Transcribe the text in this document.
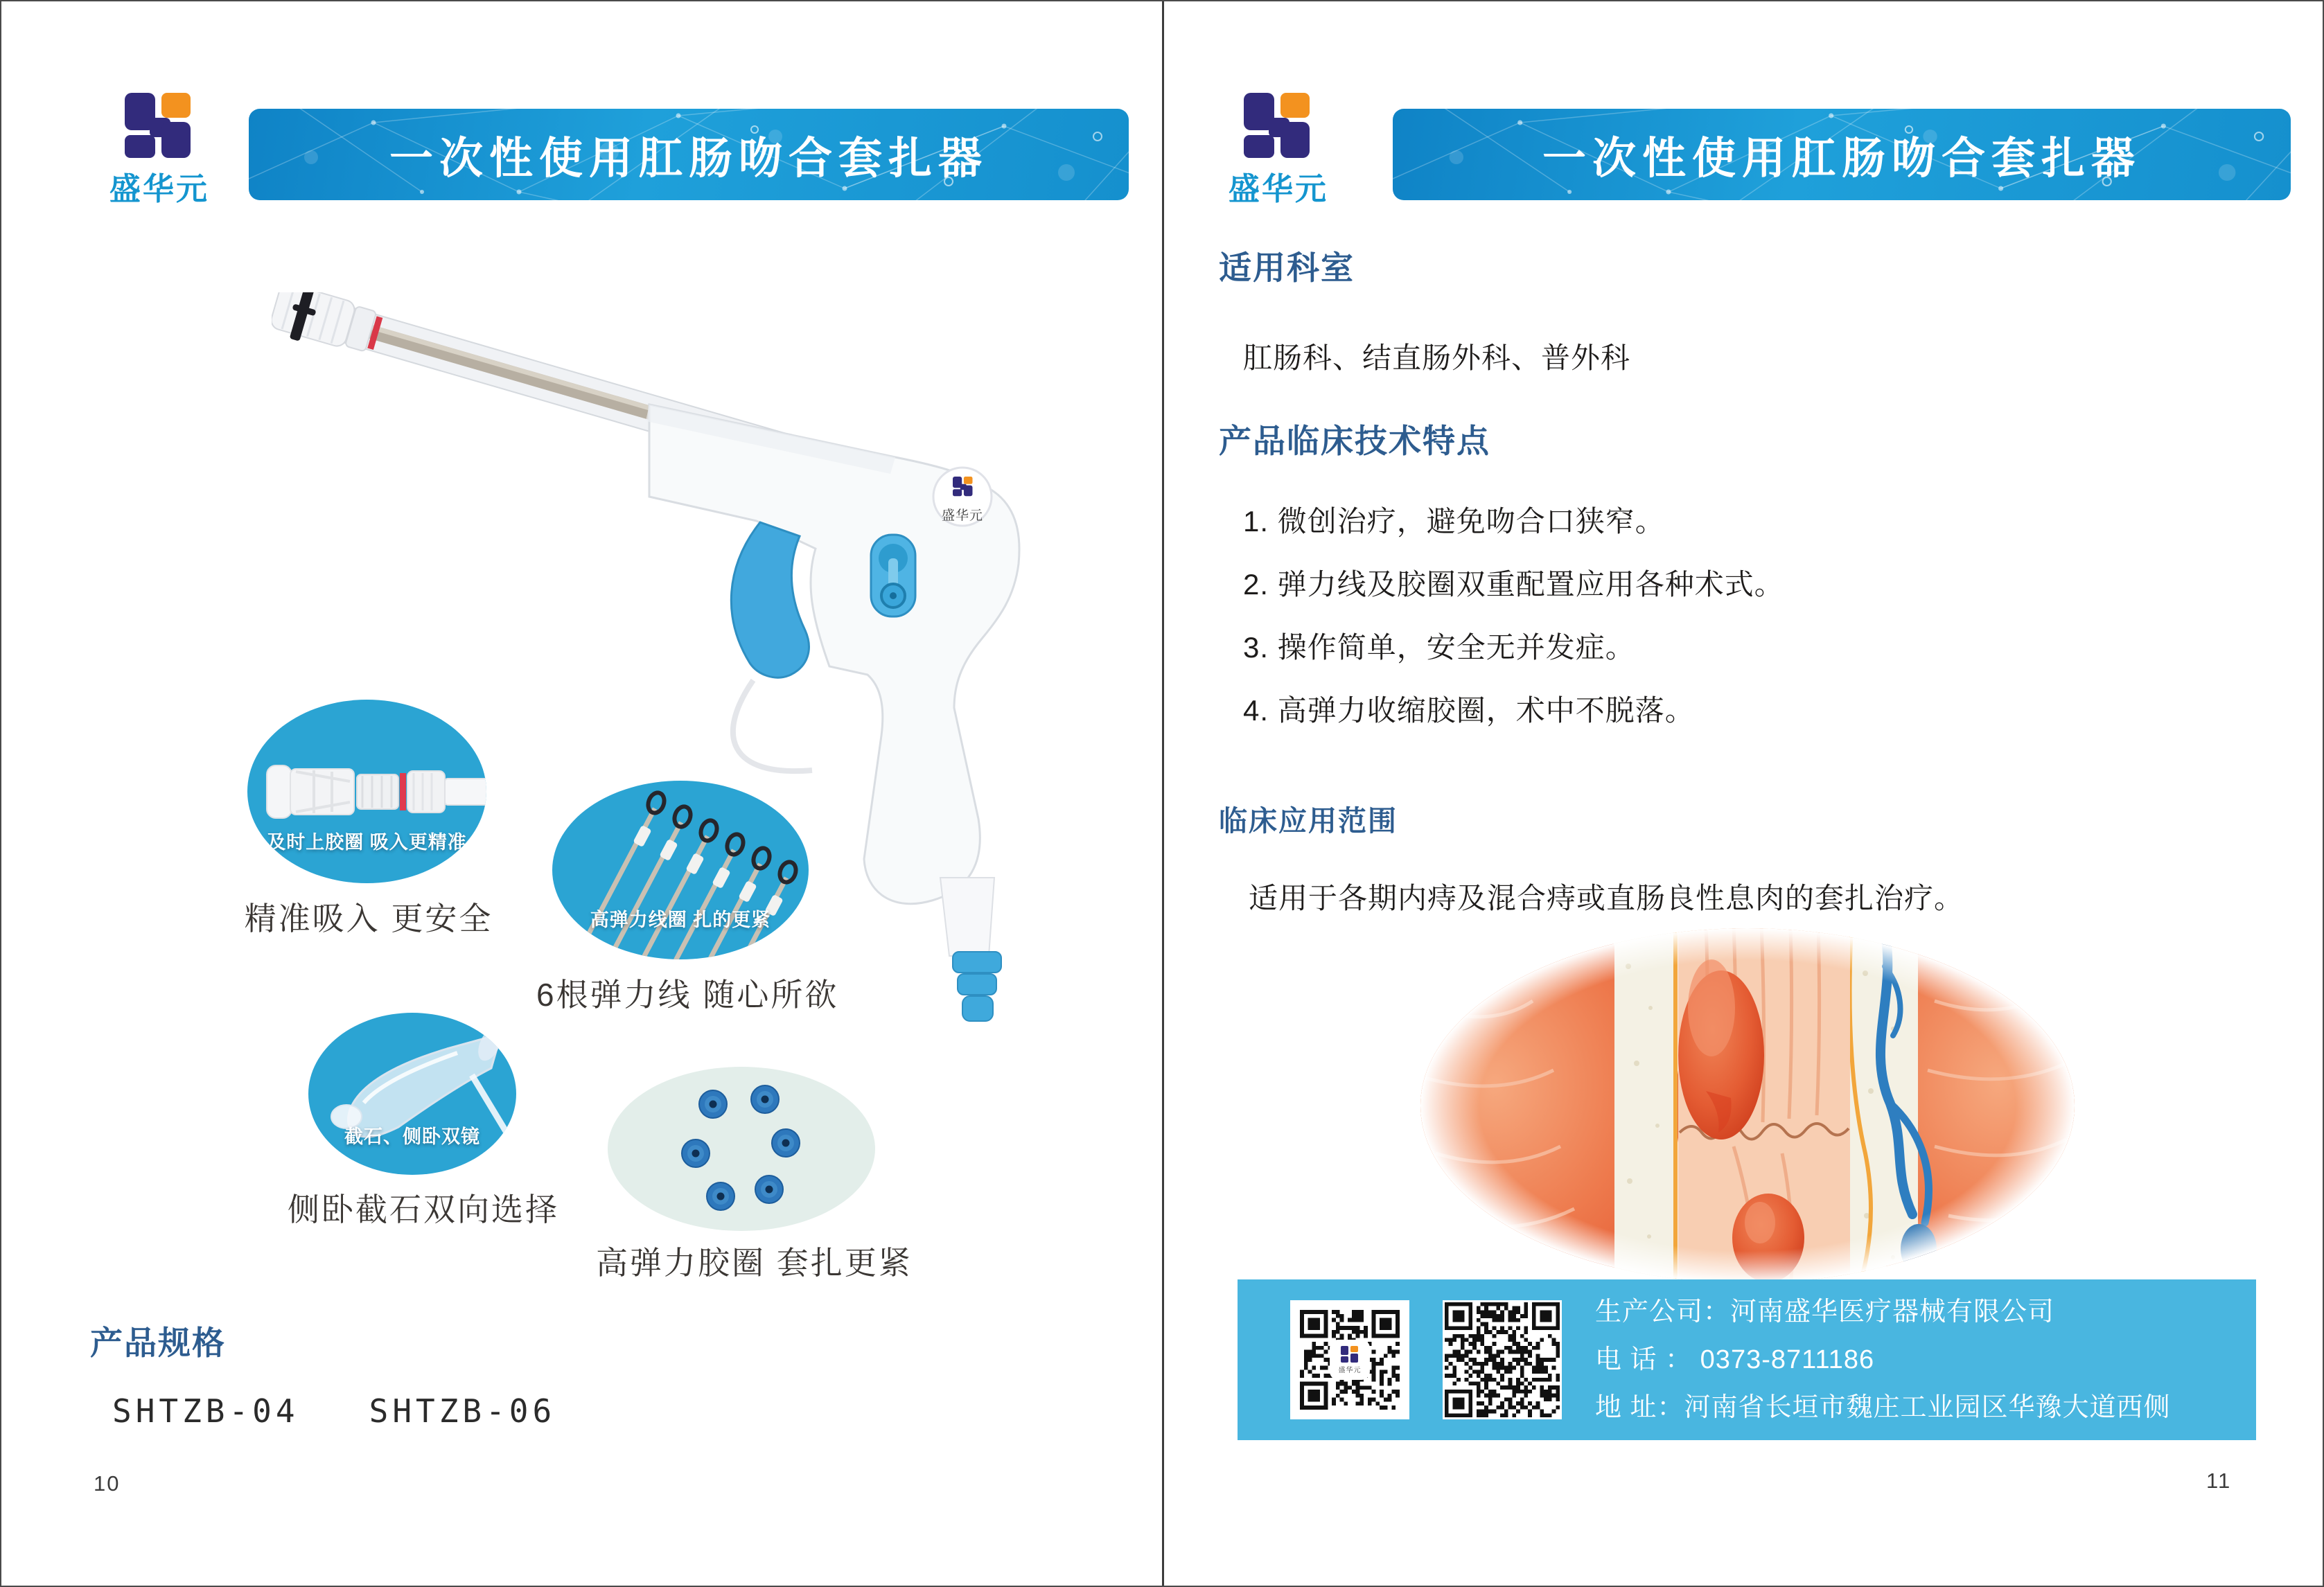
盛华元
一次性使用肛肠吻合套扎器
盛华元
及时上胶圈 吸入更精准
精准吸入 更安全	高弹力线圈 扎的更紧
6根弹力线 随心所欲
截石、侧卧双镜
侧卧截石双向选择
高弹力胶圈 套扎更紧
产品规格
SHTZB-04   SHTZB-06
10
盛华元
一次性使用肛肠吻合套扎器
适用科室
肛肠科、结直肠外科、普外科
产品临床技术特点
1. 微创治疗，避免吻合口狭窄。
2. 弹力线及胶圈双重配置应用各种术式。
3. 操作简单，安全无并发症。
4. 高弹力收缩胶圈，术中不脱落。
临床应用范围
适用于各期内痔及混合痔或直肠良性息肉的套扎治疗。
盛华元
生产公司：河南盛华医疗器械有限公司
电 话 ： 0373-8711186
地 址：河南省长垣市魏庄工业园区华豫大道西侧
11
